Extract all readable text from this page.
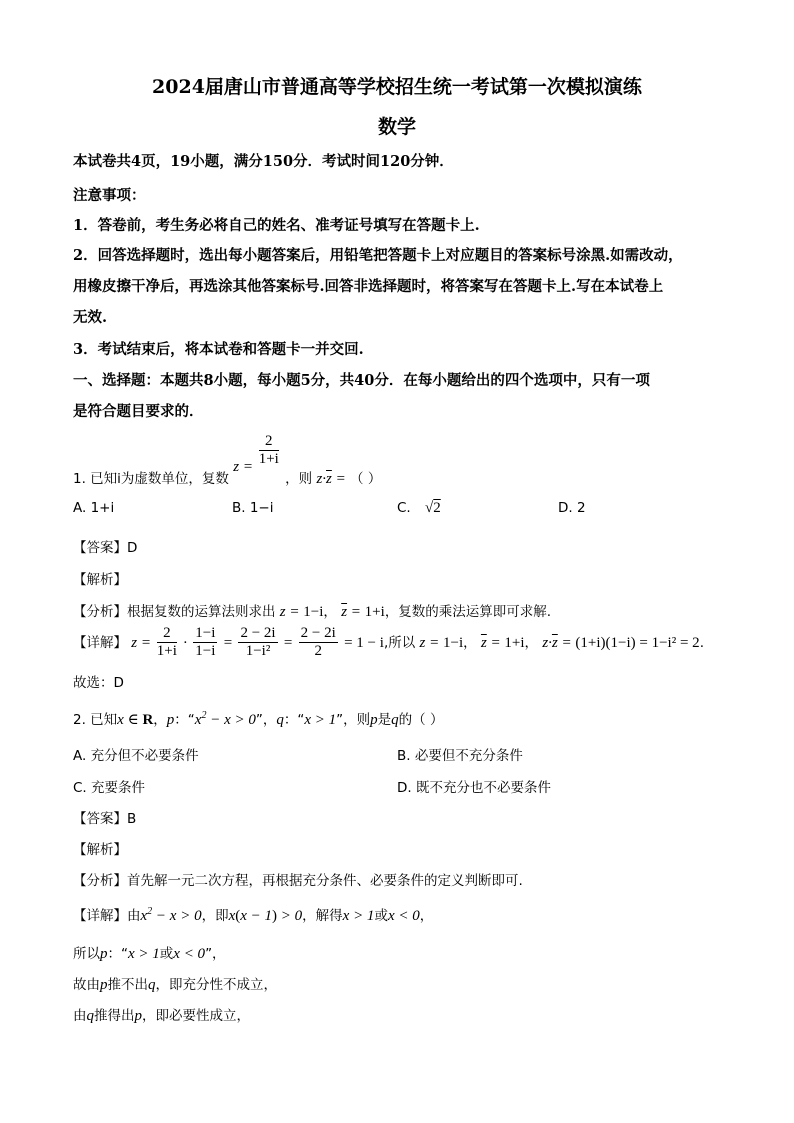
2024届唐山市普通高等学校招生统一考试第一次模拟演练
数学
本试卷共4页，19小题，满分150分．考试时间120分钟．
注意事项：
1．答卷前，考生务必将自己的姓名、准考证号填写在答题卡上.
2．回答选择题时，选出每小题答案后，用铅笔把答题卡上对应题目的答案标号涂黑.如需改动，
用橡皮擦干净后，再选涂其他答案标号.回答非选择题时，将答案写在答题卡上.写在本试卷上
无效.
3．考试结束后，将本试卷和答题卡一并交回.
一、选择题：本题共8小题，每小题5分，共40分．在每小题给出的四个选项中，只有一项
是符合题目要求的．
1. 已知i为虚数单位，复数 $z = \frac{2}{1+i}$
，则 $z\cdot\overline{z}$ = （ ）
A. 1+i	B. 1−i	C. √2	D. 2
【答案】D
【解析】
【分析】根据复数的运算法则求出 z = 1−i， $\overline{z} = 1+i$，复数的乘法运算即可求解.
【详解】 $z = \frac{2}{1+i} \cdot \frac{1-i}{1-i} = \frac{2 - 2i}{\text{1−i²}} = \frac{2 - 2i}{2} = 1 - i$,所以 z = 1−i， $\overline{z} = 1+i$， $z\cdot\overline{z} = (1+i)(1-i) = 1-i^2 = 2$.
故选：D
2. 已知x ∈ R，p：“$x^2 - x > 0$”，q：“x > 1”，则p是q的（ ）
A. 充分但不必要条件	B. 必要但不充分条件
C. 充要条件	D. 既不充分也不必要条件
【答案】B
【解析】
【分析】首先解一元二次方程，再根据充分条件、必要条件的定义判断即可.
【详解】由$x^2 - x > 0$，即x(x − 1) > 0，解得x > 1或x < 0，
所以p：“x > 1或x < 0”，
故由p推不出q，即充分性不成立，
由q推得出p，即必要性成立，
